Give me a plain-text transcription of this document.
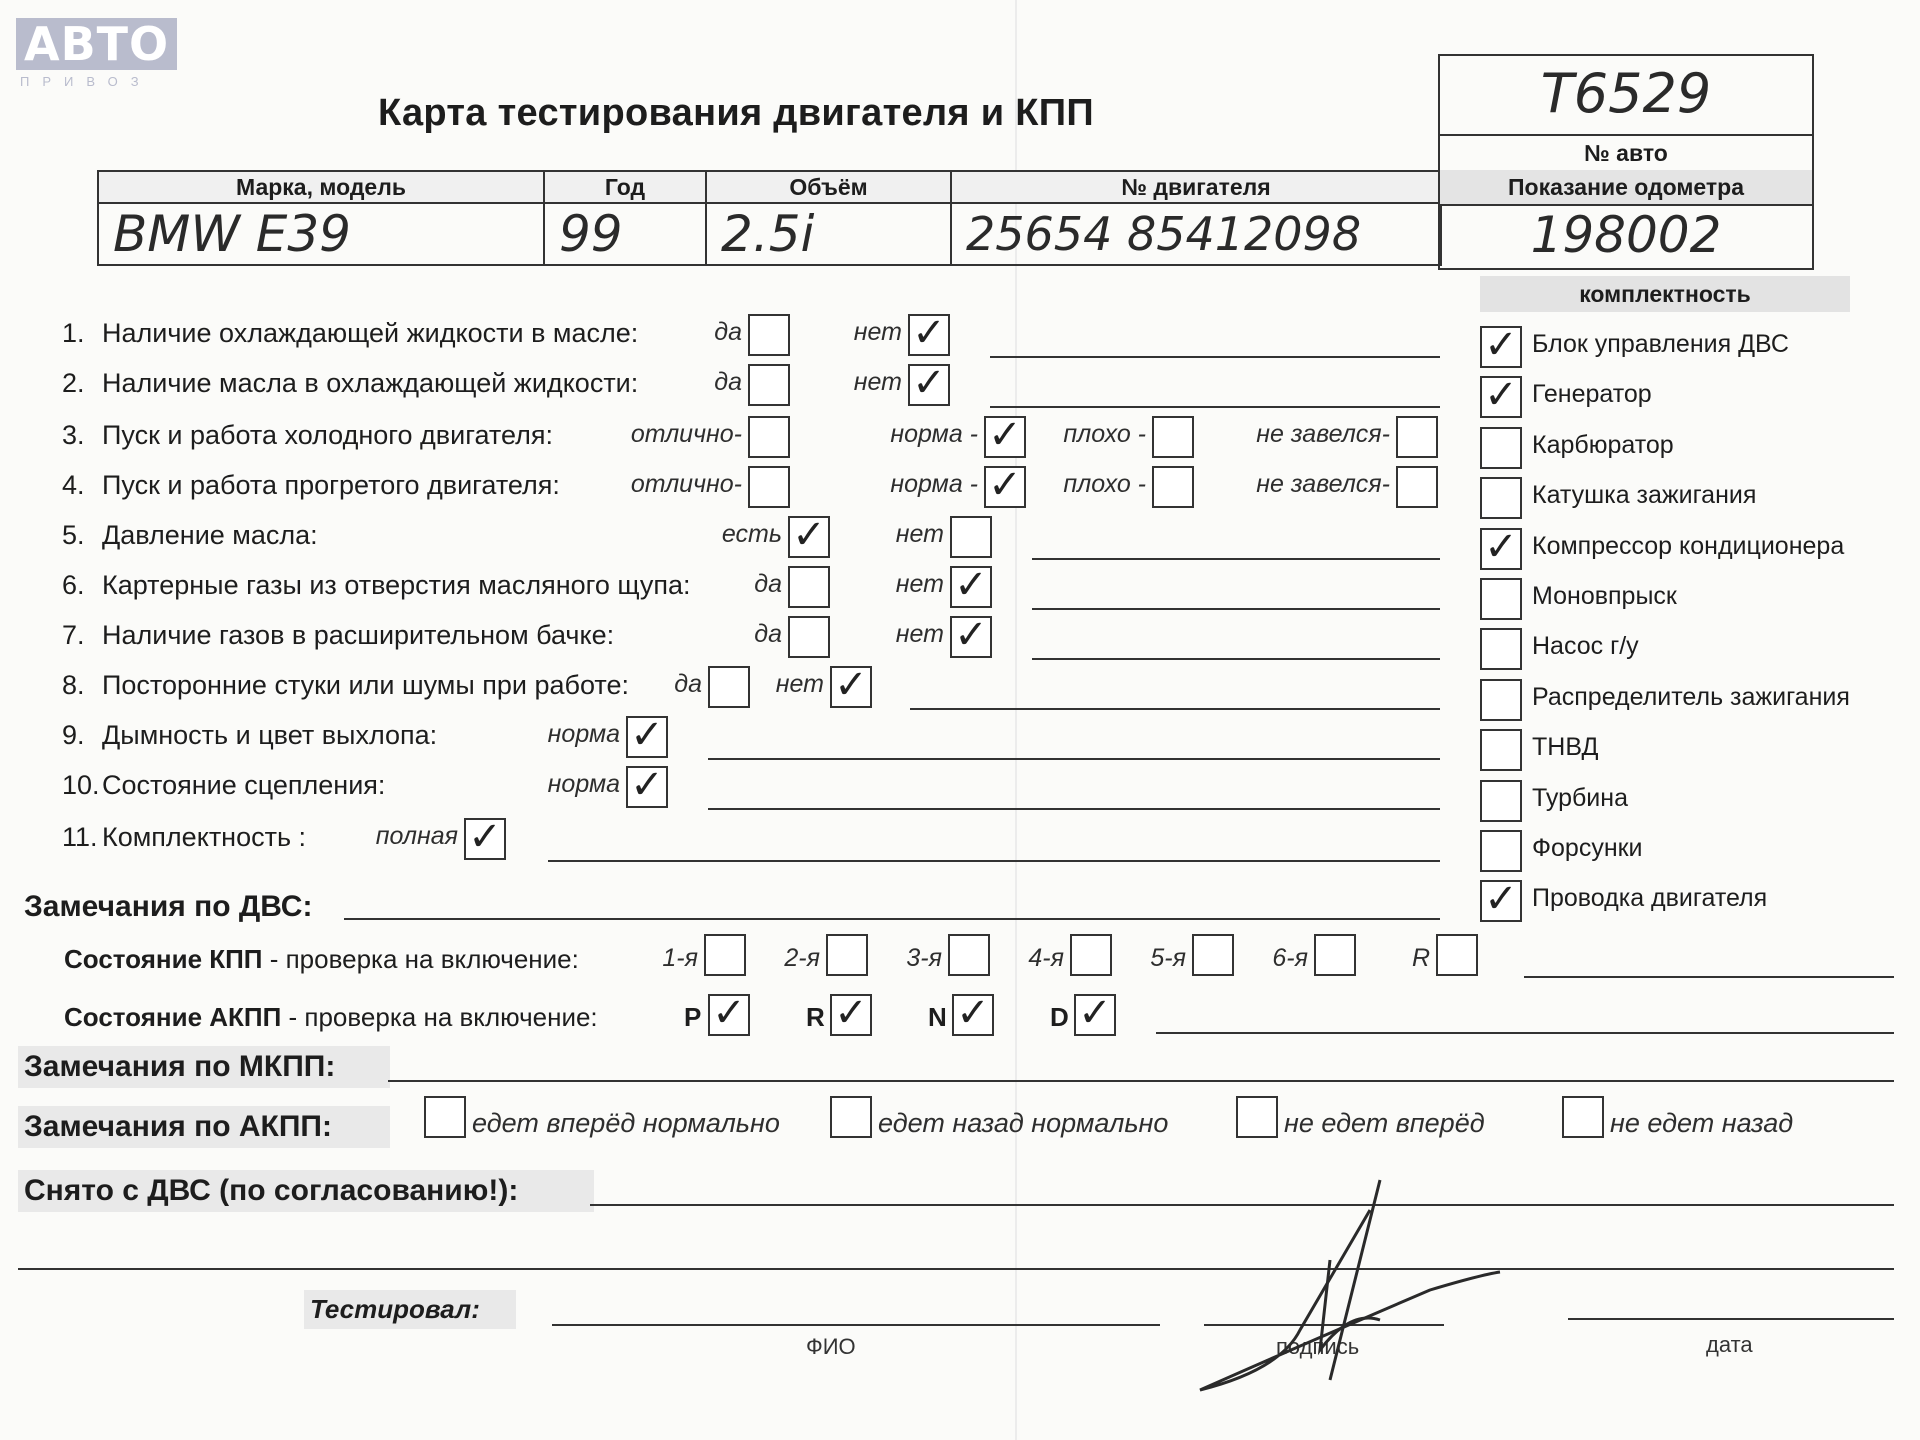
АВТО
ПРИВОЗ
Карта тестирования двигателя и КПП
Марка, модель	Год	Объём	№ двигателя
BMW E39	99	2.5i	25654 85412098
T6529
№ авто
Показание одометра
198002
1. Наличие охлаждающей жидкости в масле:	да	нет ✓
2. Наличие масла в охлаждающей жидкости:	да	нет ✓
3. Пуск и работа холодного двигателя:	отлично-	норма - ✓	плохо -	не завелся-
4. Пуск и работа прогретого двигателя:	отлично-	норма - ✓	плохо -	не завелся-
5. Давление масла:	есть ✓	нет
6. Картерные газы из отверстия масляного щупа:	да	нет ✓
7. Наличие газов в расширительном бачке:	да	нет ✓
8. Посторонние стуки или шумы при работе:	да	нет ✓
9. Дымность и цвет выхлопа:	норма ✓
10.Состояние сцепления:	норма ✓
11. Комплектность :	полная ✓
комплектность
✓ Блок управления ДВС
✓ Генератор
Карбюратор
Катушка зажигания
✓ Компрессор кондиционера
Моновпрыск
Насос г/у
Распределитель зажигания
ТНВД
Турбина
Форсунки
✓ Проводка двигателя
Замечания по ДВС:
Состояние КПП - проверка на включение:	1-я	2-я	3-я	4-я	5-я	6-я	R
Состояние АКПП - проверка на включение:	P ✓ R ✓ N ✓ D ✓
Замечания по МКПП:
Замечания по АКПП:	едет вперёд нормально	едет назад нормально	не едет вперёд	не едет назад
Снято с ДВС (по согласованию!):
Тестировал:
ФИО	подпись	дата
